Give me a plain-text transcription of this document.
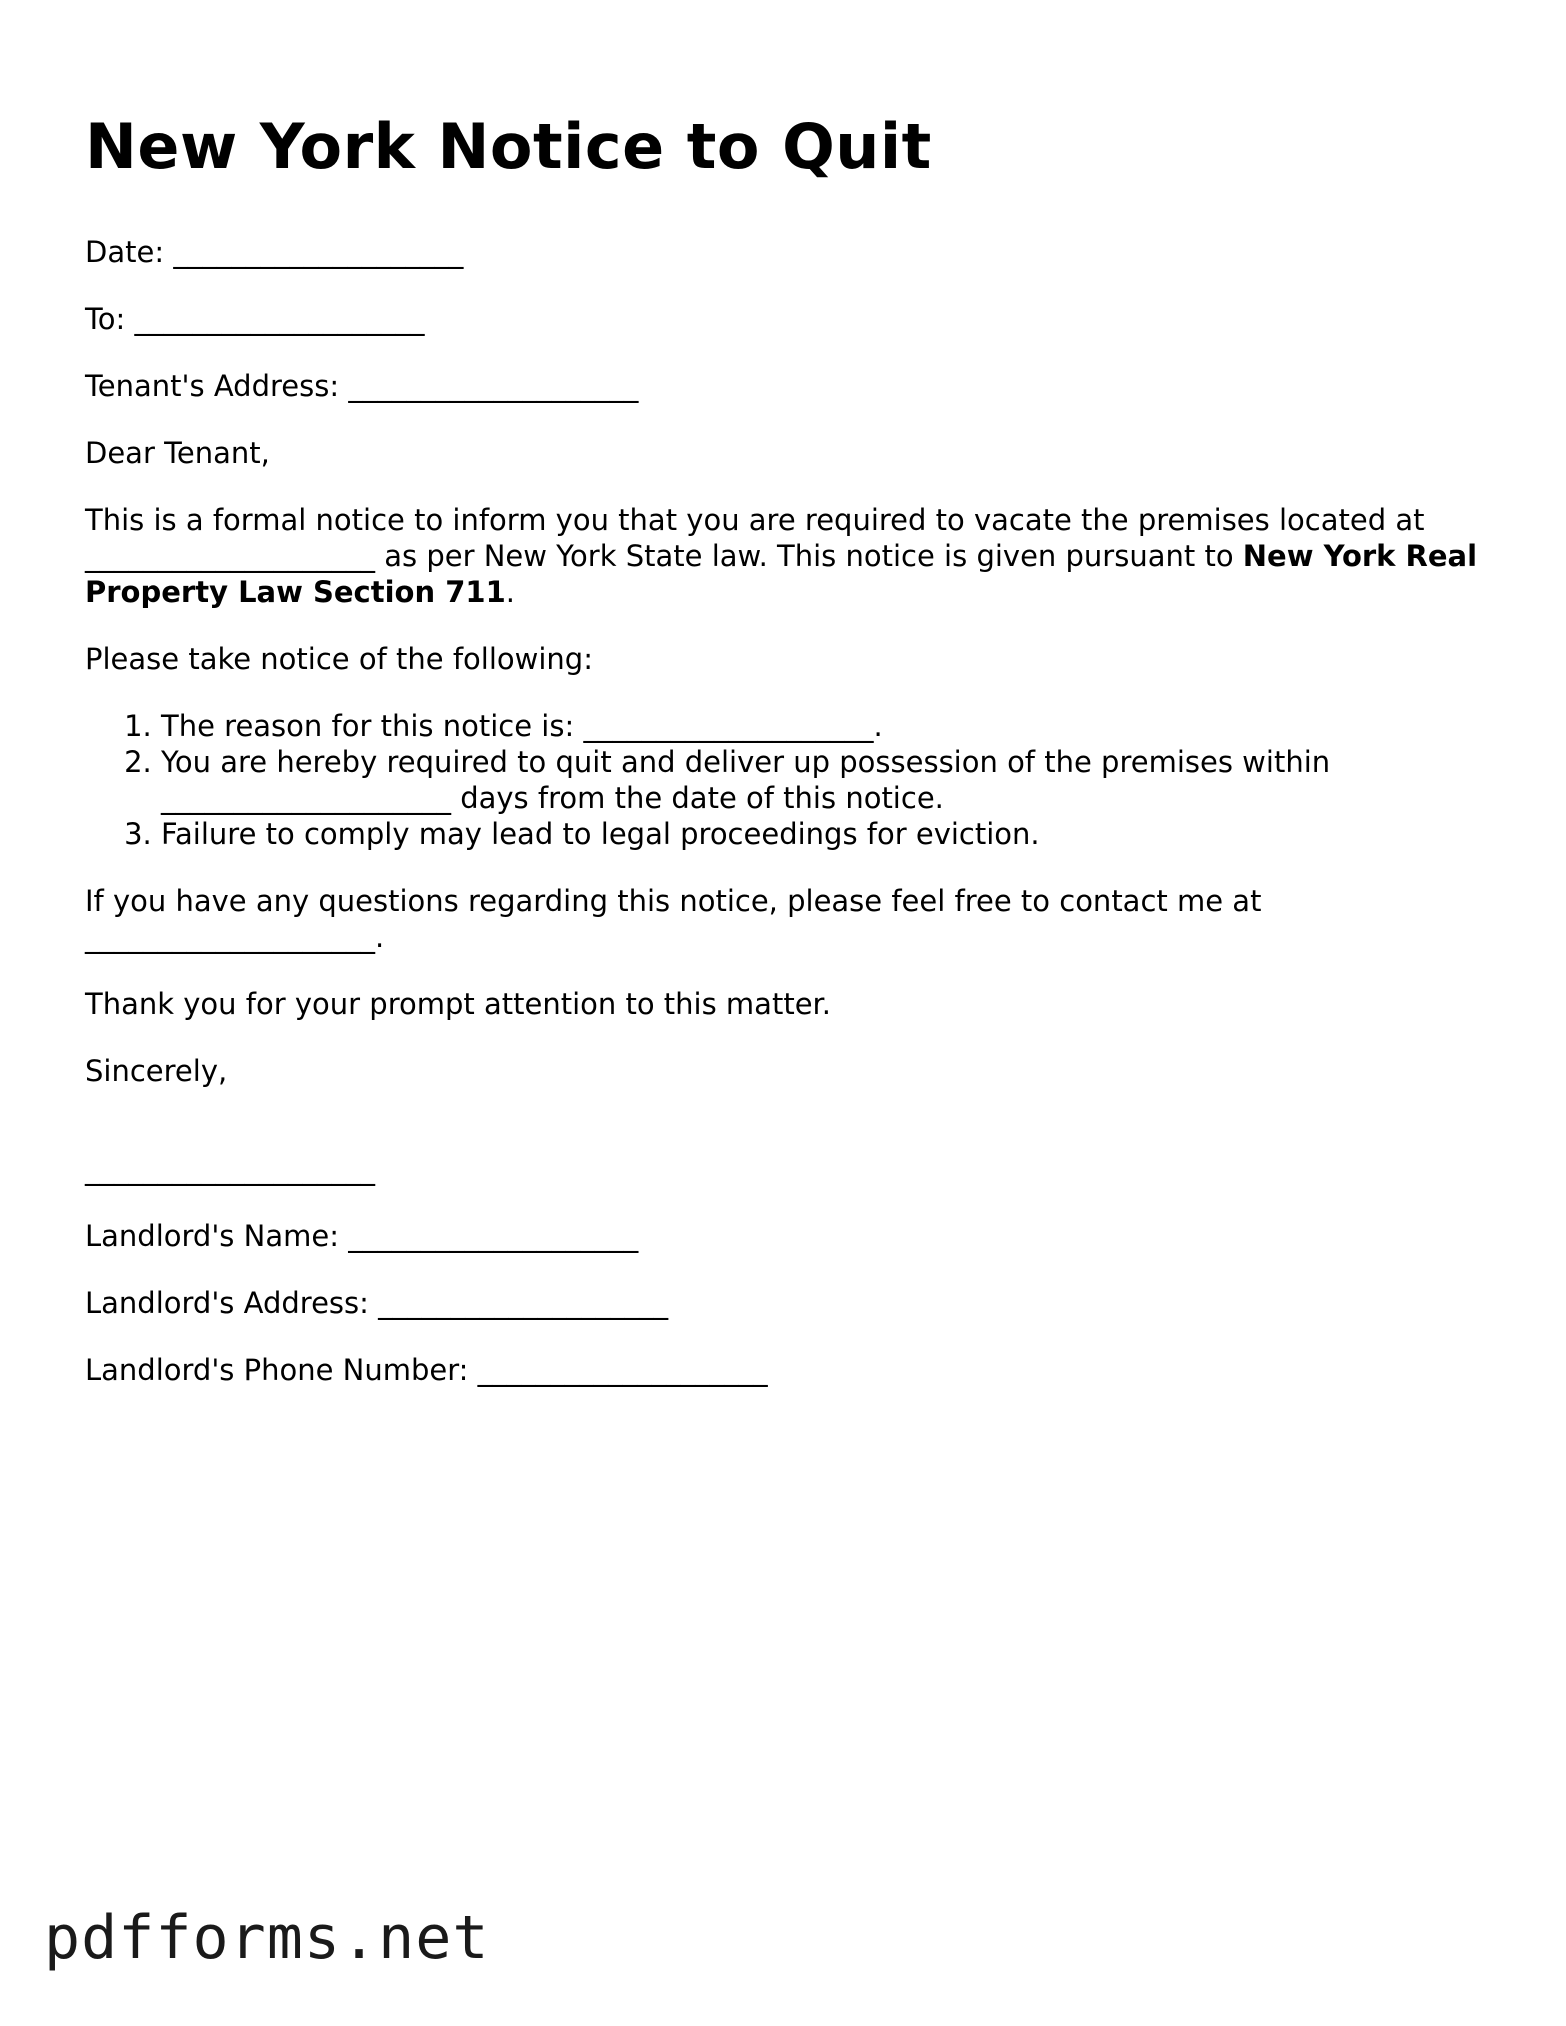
New York Notice to Quit

Date: ____________________

To: ____________________

Tenant's Address: ____________________

Dear Tenant,

This is a formal notice to inform you that you are required to vacate the premises located at ____________________ as per New York State law. This notice is given pursuant to New York Real Property Law Section 711.

Please take notice of the following:

1. The reason for this notice is: ____________________.
2. You are hereby required to quit and deliver up possession of the premises within ____________________ days from the date of this notice.
3. Failure to comply may lead to legal proceedings for eviction.

If you have any questions regarding this notice, please feel free to contact me at ____________________.

Thank you for your prompt attention to this matter.

Sincerely,

____________________

Landlord's Name: ____________________

Landlord's Address: ____________________

Landlord's Phone Number: ____________________

pdfforms.net
